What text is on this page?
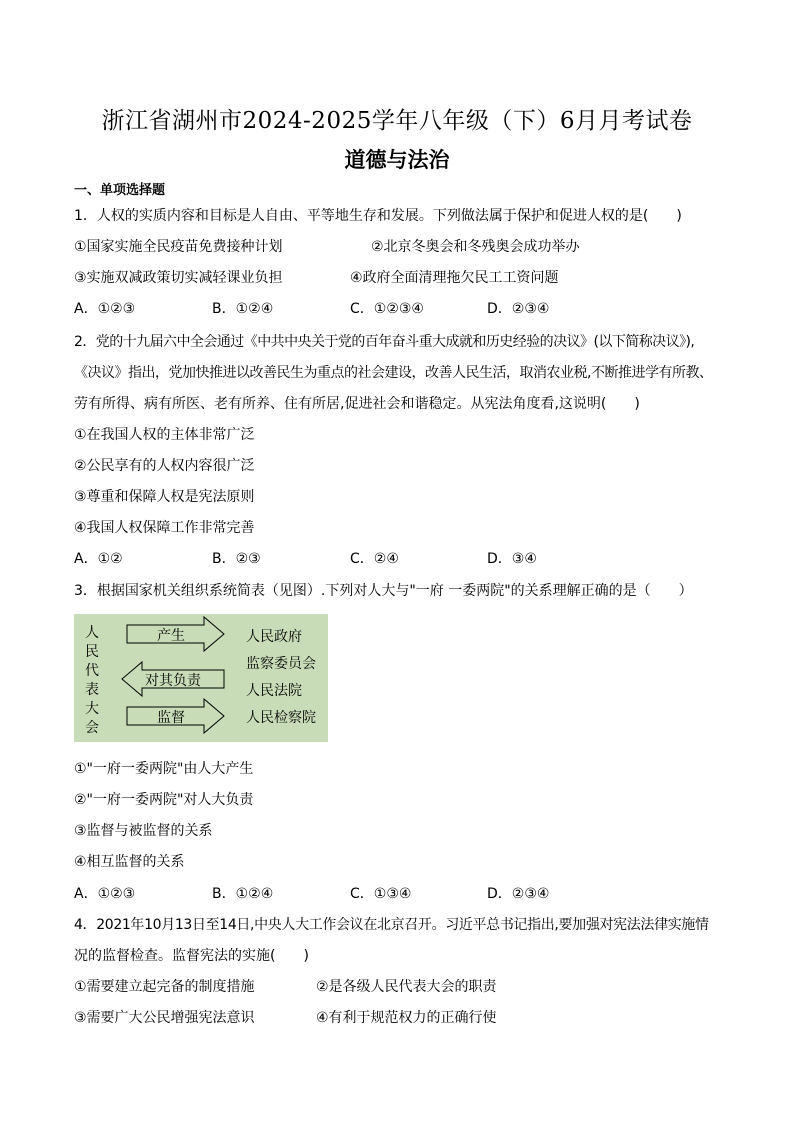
浙江省湖州市2024-2025学年八年级（下）6月月考试卷
道德与法治
一、单项选择题
1．人权的实质内容和目标是人自由、平等地生存和发展。下列做法属于保护和促进人权的是(　　)
①国家实施全民疫苗免费接种计划	②北京冬奥会和冬残奥会成功举办
③实施双减政策切实减轻课业负担	④政府全面清理拖欠民工工资问题
A．①②③	B．①②④	C．①②③④	D．②③④
2．党的十九届六中全会通过《中共中央关于党的百年奋斗重大成就和历史经验的决议》(以下简称决议》),
《决议》指出，党加快推进以改善民生为重点的社会建设，改善人民生活，取消农业税,不断推进学有所教、
劳有所得、病有所医、老有所养、住有所居,促进社会和谐稳定。从宪法角度看,这说明(　　)
①在我国人权的主体非常广泛
②公民享有的人权内容很广泛
③尊重和保障人权是宪法原则
④我国人权保障工作非常完善
A．①②	B．②③	C．②④	D．③④
3．根据国家机关组织系统简表（见图）.下列对人大与"一府 一委两院"的关系理解正确的是（　　）
人
民
代
表
大
会
产生
对其负责
监督
人民政府
监察委员会
人民法院
人民检察院
①"一府一委两院"由人大产生
②"一府一委两院"对人大负责
③监督与被监督的关系
④相互监督的关系
A．①②③	B．①②④	C．①③④	D．②③④
4．2021年10月13日至14日,中央人大工作会议在北京召开。习近平总书记指出,要加强对宪法法律实施情
况的监督检查。监督宪法的实施(　　)
①需要建立起完备的制度措施	②是各级人民代表大会的职责
③需要广大公民增强宪法意识	④有利于规范权力的正确行使
